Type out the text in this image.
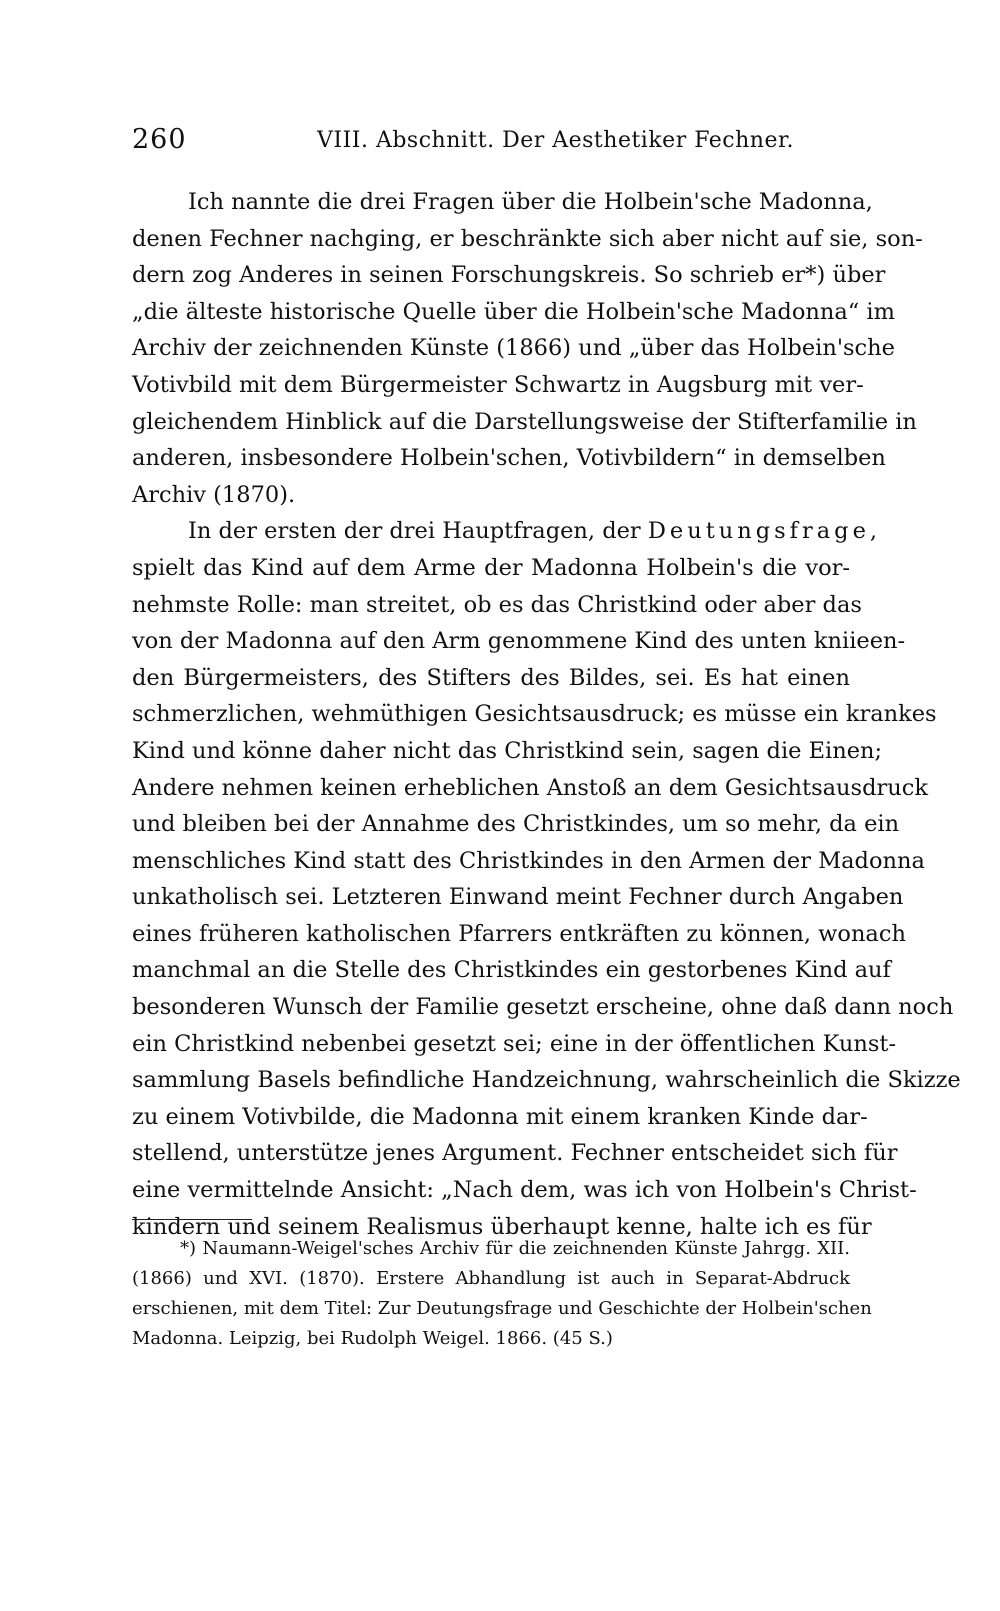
260	VIII. Abschnitt. Der Aesthetiker Fechner.
Ich nannte die drei Fragen über die Holbein'sche Madonna,
denen Fechner nachging, er beschränkte sich aber nicht auf sie, son-
dern zog Anderes in seinen Forschungskreis. So schrieb er*) über
„die älteste historische Quelle über die Holbein'sche Madonna“ im
Archiv der zeichnenden Künste (1866) und „über das Holbein'sche
Votivbild mit dem Bürgermeister Schwartz in Augsburg mit ver-
gleichendem Hinblick auf die Darstellungsweise der Stifterfamilie in
anderen, insbesondere Holbein'schen, Votivbildern“ in demselben
Archiv (1870).
In der ersten der drei Hauptfragen, der Deutungsfrage,
spielt das Kind auf dem Arme der Madonna Holbein's die vor-
nehmste Rolle: man streitet, ob es das Christkind oder aber das
von der Madonna auf den Arm genommene Kind des unten kniieen-
den Bürgermeisters, des Stifters des Bildes, sei. Es hat einen
schmerzlichen, wehmüthigen Gesichtsausdruck; es müsse ein krankes
Kind und könne daher nicht das Christkind sein, sagen die Einen;
Andere nehmen keinen erheblichen Anstoß an dem Gesichtsausdruck
und bleiben bei der Annahme des Christkindes, um so mehr, da ein
menschliches Kind statt des Christkindes in den Armen der Madonna
unkatholisch sei. Letzteren Einwand meint Fechner durch Angaben
eines früheren katholischen Pfarrers entkräften zu können, wonach
manchmal an die Stelle des Christkindes ein gestorbenes Kind auf
besonderen Wunsch der Familie gesetzt erscheine, ohne daß dann noch
ein Christkind nebenbei gesetzt sei; eine in der öffentlichen Kunst-
sammlung Basels befindliche Handzeichnung, wahrscheinlich die Skizze
zu einem Votivbilde, die Madonna mit einem kranken Kinde dar-
stellend, unterstütze jenes Argument. Fechner entscheidet sich für
eine vermittelnde Ansicht: „Nach dem, was ich von Holbein's Christ-
kindern und seinem Realismus überhaupt kenne, halte ich es für
*) Naumann-Weigel'sches Archiv für die zeichnenden Künste Jahrgg. XII.
(1866) und XVI. (1870). Erstere Abhandlung ist auch in Separat-Abdruck
erschienen, mit dem Titel: Zur Deutungsfrage und Geschichte der Holbein'schen
Madonna. Leipzig, bei Rudolph Weigel. 1866. (45 S.)
